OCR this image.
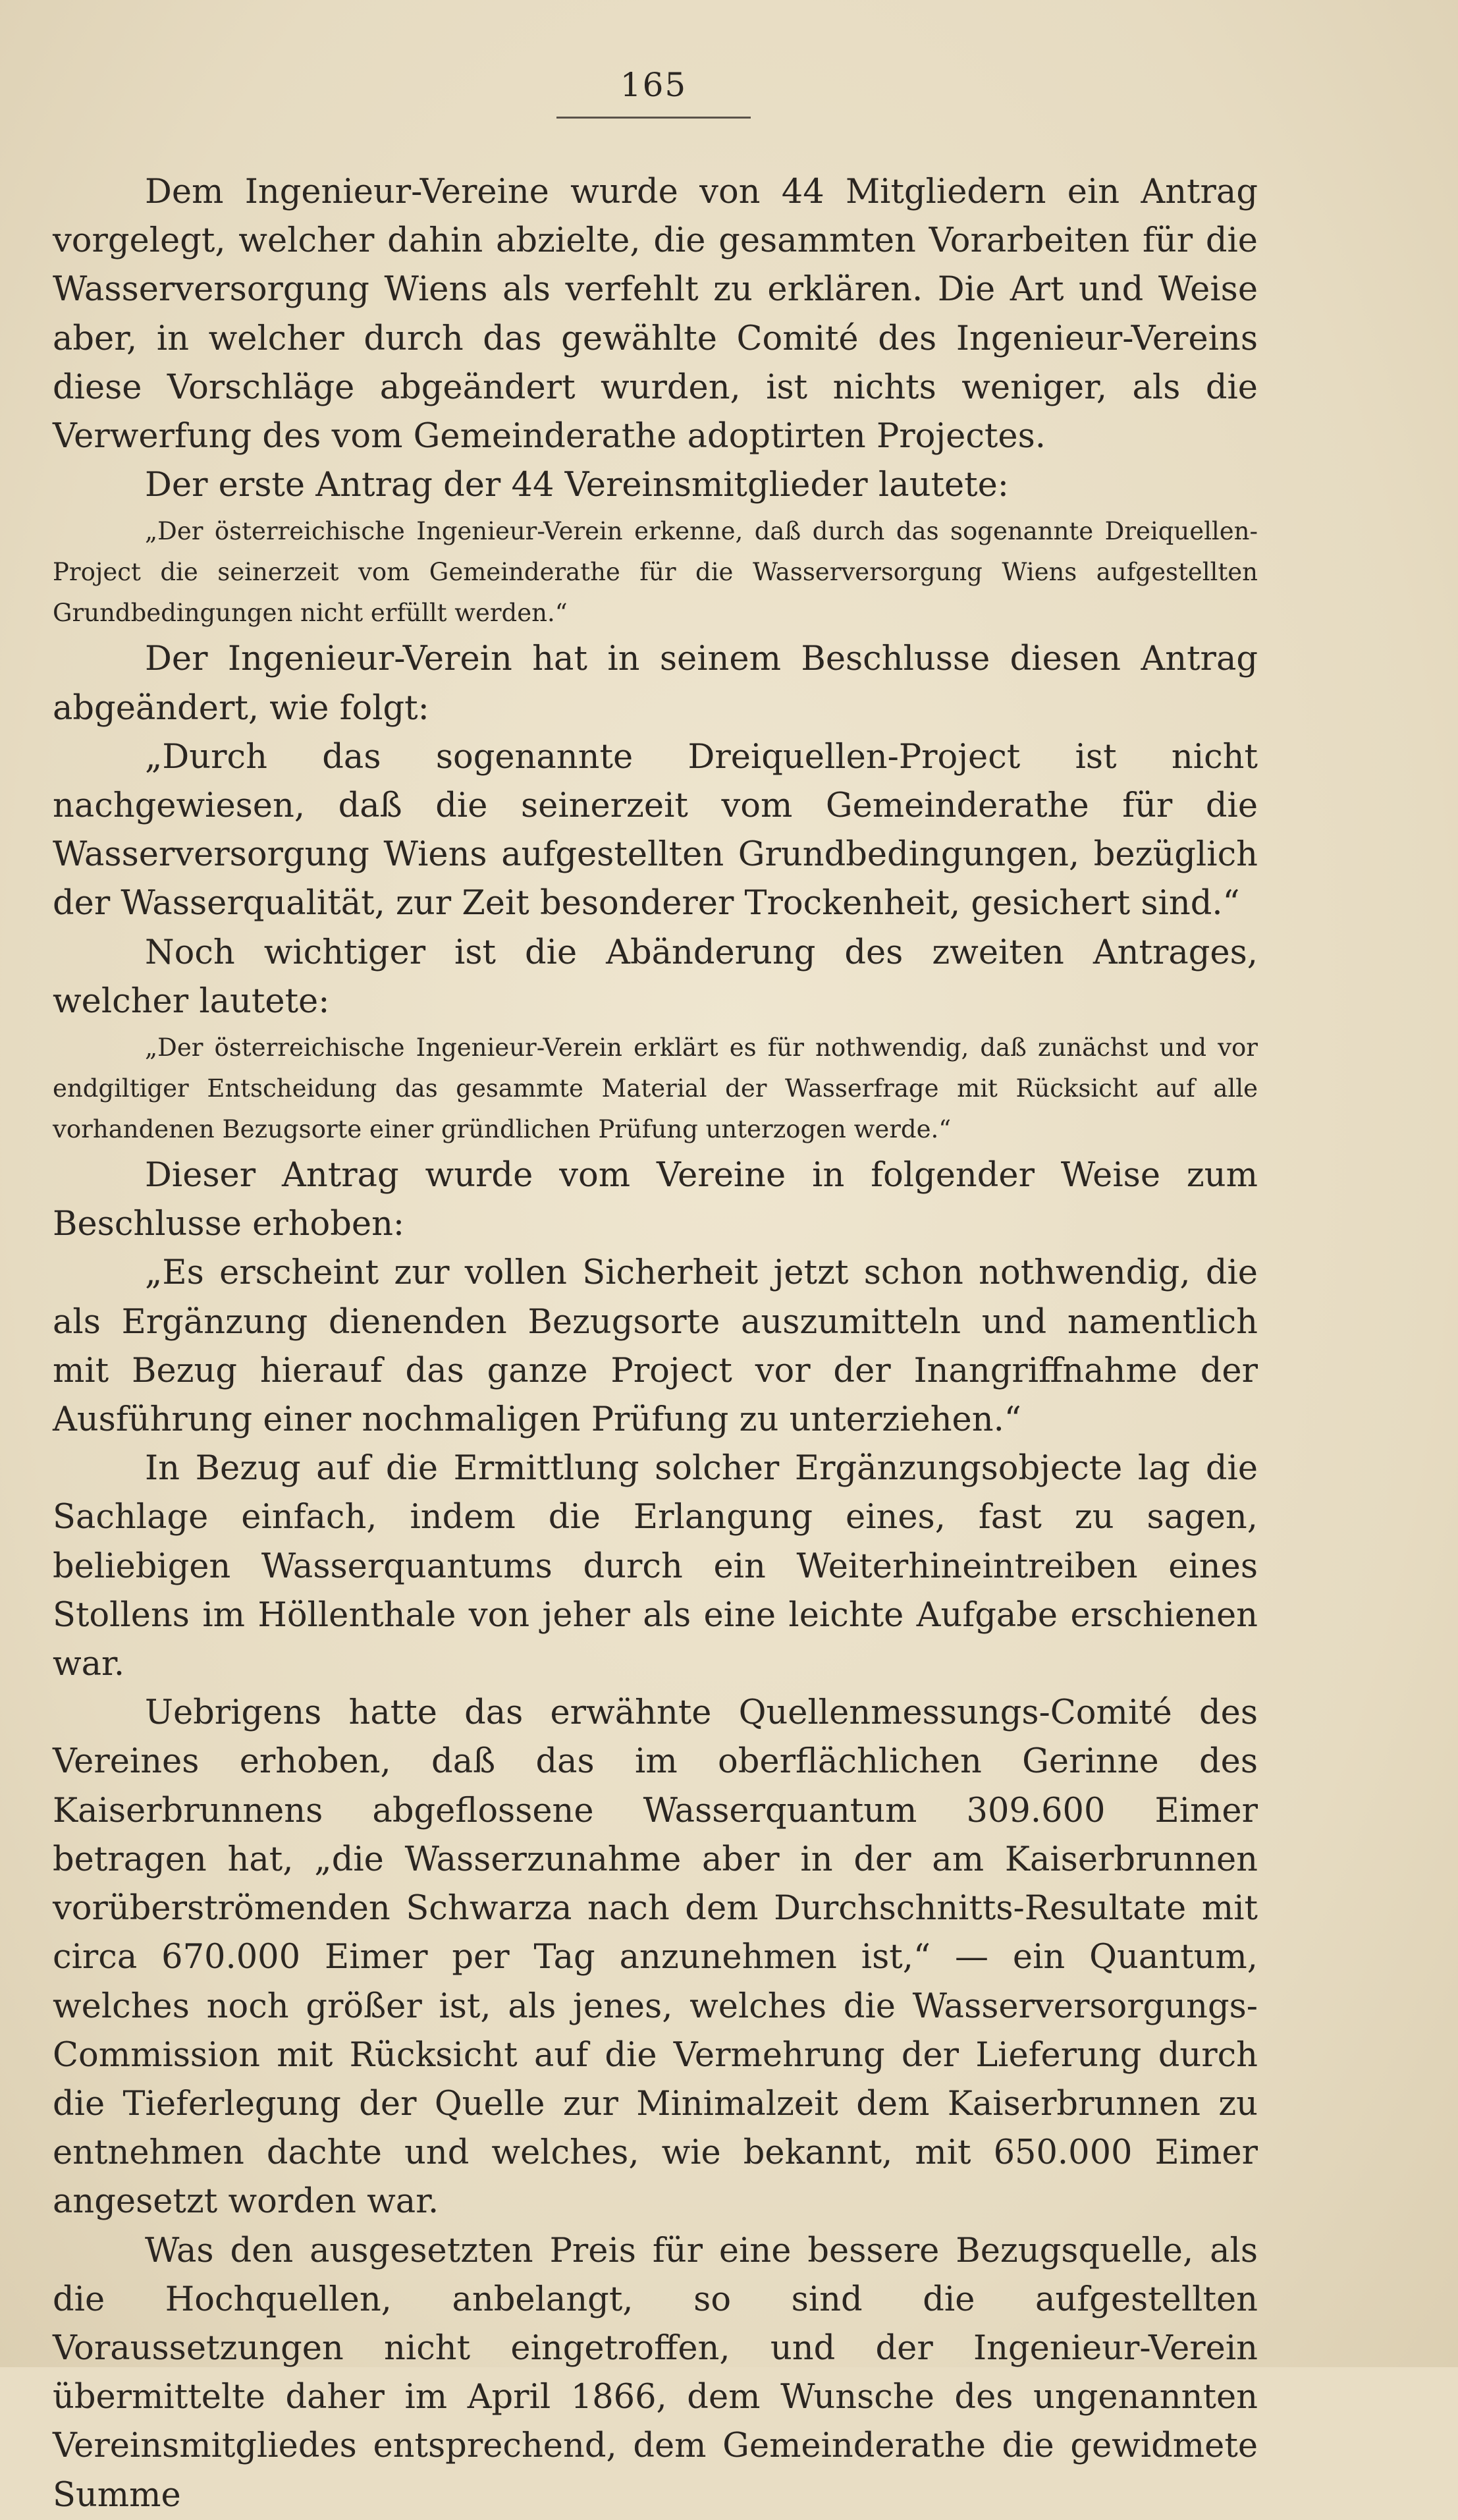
165

Dem Ingenieur-Vereine wurde von 44 Mitgliedern ein Antrag vorgelegt, welcher dahin abzielte, die gesammten Vorarbeiten für die Wasserversorgung Wiens als verfehlt zu erklären. Die Art und Weise aber, in welcher durch das gewählte Comité des Ingenieur-Vereins diese Vorschläge abgeändert wurden, ist nichts weniger, als die Verwerfung des vom Gemeinderathe adoptirten Projectes.

Der erste Antrag der 44 Vereinsmitglieder lautete:

„Der österreichische Ingenieur-Verein erkenne, daß durch das sogenannte Dreiquellen-Project die seinerzeit vom Gemeinderathe für die Wasserversorgung Wiens aufgestellten Grundbedingungen nicht erfüllt werden.“

Der Ingenieur-Verein hat in seinem Beschlusse diesen Antrag abgeändert, wie folgt:

„Durch das sogenannte Dreiquellen-Project ist nicht nachgewiesen, daß die seinerzeit vom Gemeinderathe für die Wasserversorgung Wiens aufgestellten Grundbedingungen, bezüglich der Wasserqualität, zur Zeit besonderer Trockenheit, gesichert sind.“

Noch wichtiger ist die Abänderung des zweiten Antrages, welcher lautete:

„Der österreichische Ingenieur-Verein erklärt es für nothwendig, daß zunächst und vor endgiltiger Entscheidung das gesammte Material der Wasserfrage mit Rücksicht auf alle vorhandenen Bezugsorte einer gründlichen Prüfung unterzogen werde.“

Dieser Antrag wurde vom Vereine in folgender Weise zum Beschlusse erhoben:

„Es erscheint zur vollen Sicherheit jetzt schon nothwendig, die als Ergänzung dienenden Bezugsorte auszumitteln und namentlich mit Bezug hierauf das ganze Project vor der Inangriffnahme der Ausführung einer nochmaligen Prüfung zu unterziehen.“

In Bezug auf die Ermittlung solcher Ergänzungsobjecte lag die Sachlage einfach, indem die Erlangung eines, fast zu sagen, beliebigen Wasserquantums durch ein Weiterhineintreiben eines Stollens im Höllenthale von jeher als eine leichte Aufgabe erschienen war.

Uebrigens hatte das erwähnte Quellenmessungs-Comité des Vereines erhoben, daß das im oberflächlichen Gerinne des Kaiserbrunnens abgeflossene Wasserquantum 309.600 Eimer betragen hat, „die Wasserzunahme aber in der am Kaiserbrunnen vorüberströmenden Schwarza nach dem Durchschnitts-Resultate mit circa 670.000 Eimer per Tag anzunehmen ist,“ — ein Quantum, welches noch größer ist, als jenes, welches die Wasserversorgungs-Commission mit Rücksicht auf die Vermehrung der Lieferung durch die Tieferlegung der Quelle zur Minimalzeit dem Kaiserbrunnen zu entnehmen dachte und welches, wie bekannt, mit 650.000 Eimer angesetzt worden war.

Was den ausgesetzten Preis für eine bessere Bezugsquelle, als die Hochquellen, anbelangt, so sind die aufgestellten Voraussetzungen nicht eingetroffen, und der Ingenieur-Verein übermittelte daher im April 1866, dem Wunsche des ungenannten Vereinsmitgliedes entsprechend, dem Gemeinderathe die gewidmete Summe
